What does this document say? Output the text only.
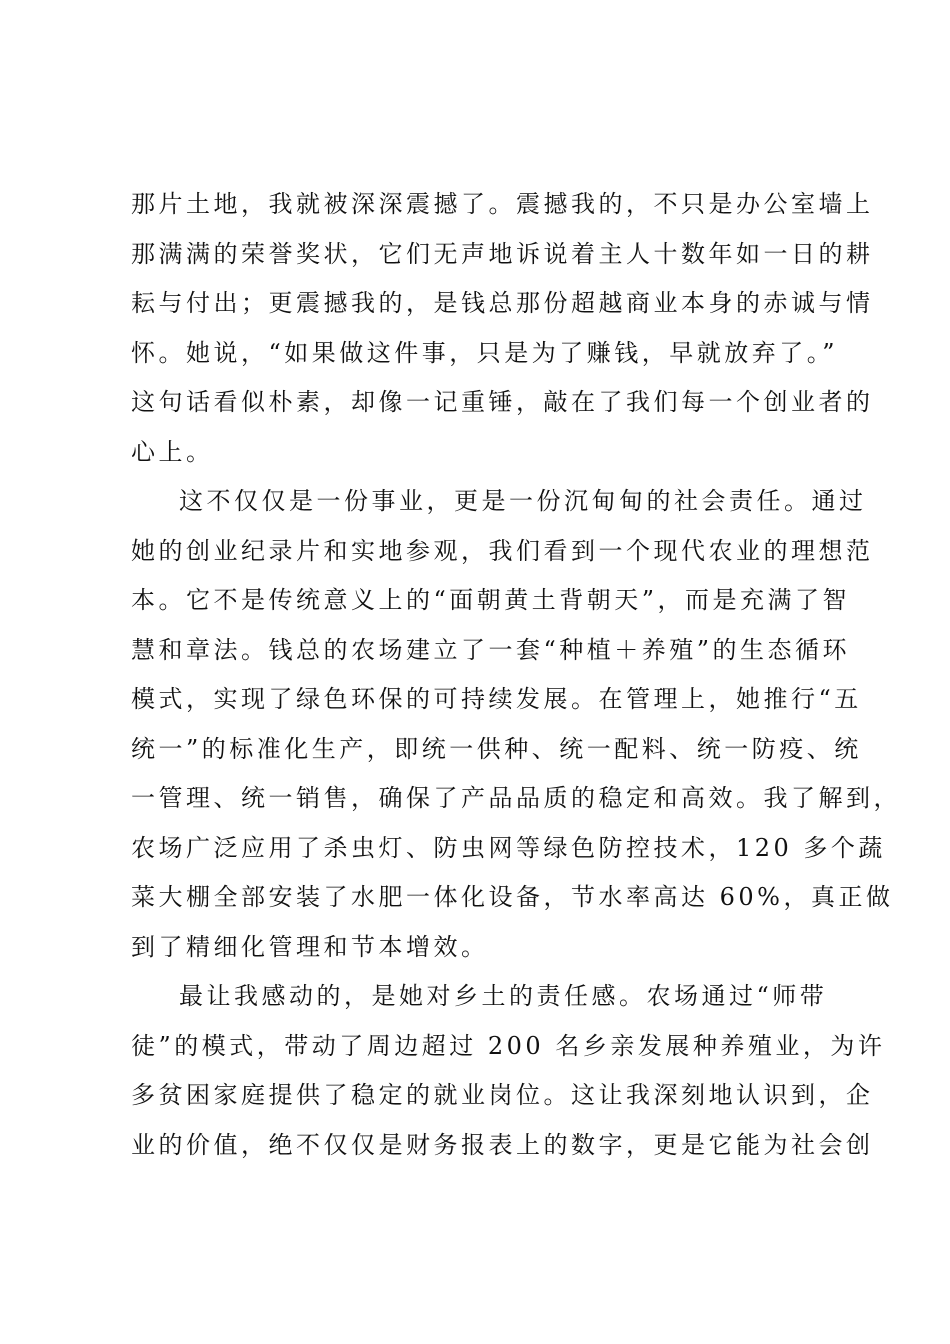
那片土地，我就被深深震撼了。震撼我的，不只是办公室墙上
那满满的荣誉奖状，它们无声地诉说着主人十数年如一日的耕
耘与付出；更震撼我的，是钱总那份超越商业本身的赤诚与情
怀。她说，“如果做这件事，只是为了赚钱，早就放弃了。”
这句话看似朴素，却像一记重锤，敲在了我们每一个创业者的
心上。
这不仅仅是一份事业，更是一份沉甸甸的社会责任。通过
她的创业纪录片和实地参观，我们看到一个现代农业的理想范
本。它不是传统意义上的“面朝黄土背朝天”，而是充满了智
慧和章法。钱总的农场建立了一套“种植＋养殖”的生态循环
模式，实现了绿色环保的可持续发展。在管理上，她推行“五
统一”的标准化生产，即统一供种、统一配料、统一防疫、统
一管理、统一销售，确保了产品品质的稳定和高效。我了解到，
农场广泛应用了杀虫灯、防虫网等绿色防控技术，120 多个蔬
菜大棚全部安装了水肥一体化设备，节水率高达 60%，真正做
到了精细化管理和节本增效。
最让我感动的，是她对乡土的责任感。农场通过“师带
徒”的模式，带动了周边超过 200 名乡亲发展种养殖业，为许
多贫困家庭提供了稳定的就业岗位。这让我深刻地认识到，企
业的价值，绝不仅仅是财务报表上的数字，更是它能为社会创
